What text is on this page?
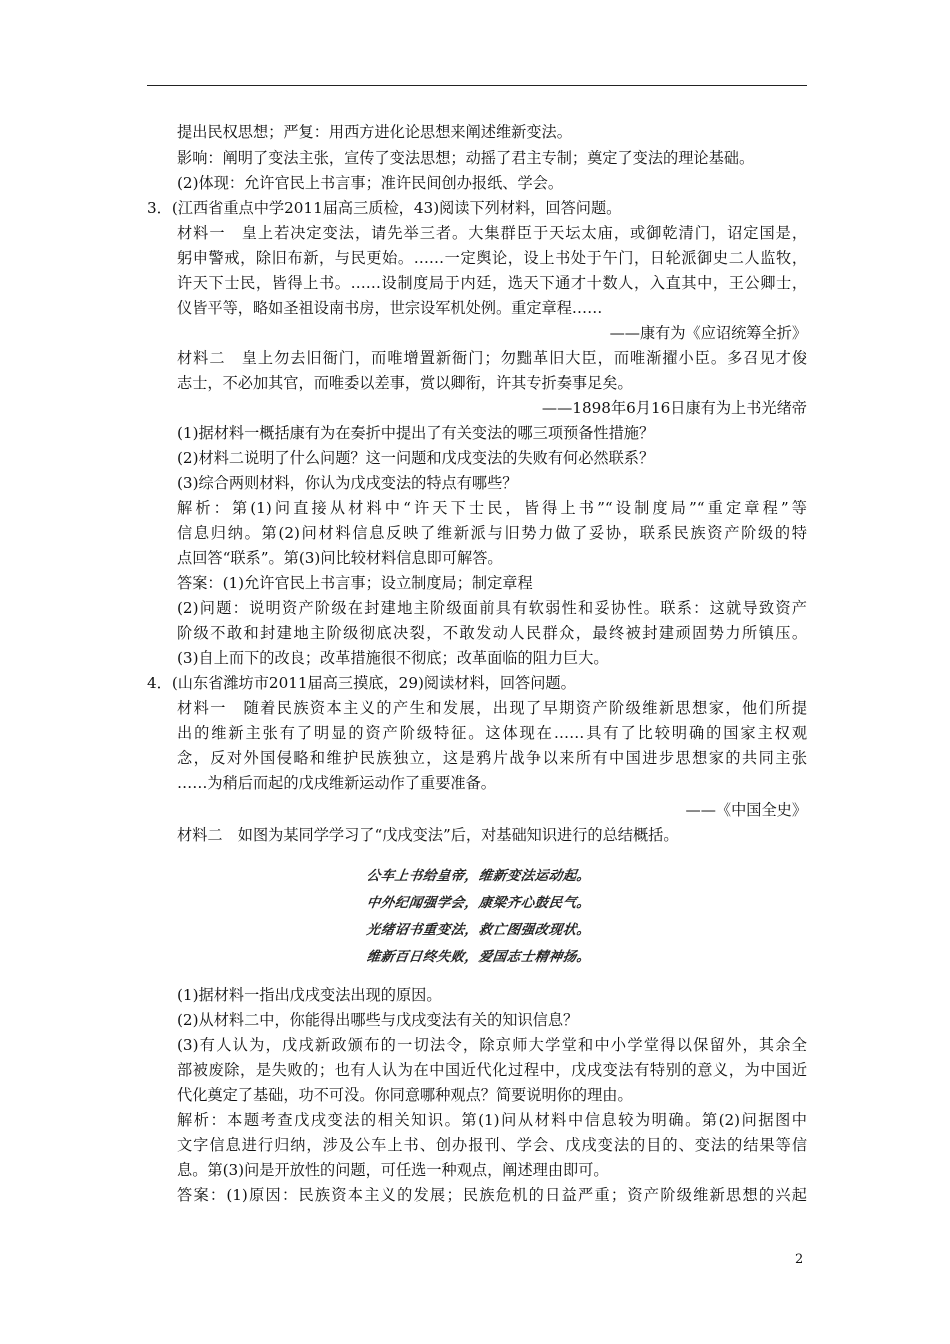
提出民权思想；严复：用西方进化论思想来阐述维新变法。
影响：阐明了变法主张，宣传了变法思想；动摇了君主专制；奠定了变法的理论基础。
(2)体现：允许官民上书言事；准许民间创办报纸、学会。
3．(江西省重点中学2011届高三质检，43)阅读下列材料，回答问题。
材料一　皇上若决定变法，请先举三者。大集群臣于天坛太庙，或御乾清门，诏定国是，
躬申警戒，除旧布新，与民更始。……一定舆论，设上书处于午门，日轮派御史二人监牧，
许天下士民，皆得上书。……设制度局于内廷，选天下通才十数人，入直其中，王公卿士，
仪皆平等，略如圣祖设南书房，世宗设军机处例。重定章程……
——康有为《应诏统筹全折》
材料二　皇上勿去旧衙门，而唯增置新衙门；勿黜革旧大臣，而唯渐擢小臣。多召见才俊
志士，不必加其官，而唯委以差事，赏以卿衔，许其专折奏事足矣。
——1898年6月16日康有为上书光绪帝
(1)据材料一概括康有为在奏折中提出了有关变法的哪三项预备性措施？
(2)材料二说明了什么问题？这一问题和戊戌变法的失败有何必然联系？
(3)综合两则材料，你认为戊戌变法的特点有哪些？
解析：第(1)问直接从材料中“许天下士民，皆得上书”“设制度局”“重定章程”等
信息归纳。第(2)问材料信息反映了维新派与旧势力做了妥协，联系民族资产阶级的特
点回答“联系”。第(3)问比较材料信息即可解答。
答案：(1)允许官民上书言事；设立制度局；制定章程
(2)问题：说明资产阶级在封建地主阶级面前具有软弱性和妥协性。联系：这就导致资产
阶级不敢和封建地主阶级彻底决裂，不敢发动人民群众，最终被封建顽固势力所镇压。
(3)自上而下的改良；改革措施很不彻底；改革面临的阻力巨大。
4．(山东省潍坊市2011届高三摸底，29)阅读材料，回答问题。
材料一　随着民族资本主义的产生和发展，出现了早期资产阶级维新思想家，他们所提
出的维新主张有了明显的资产阶级特征。这体现在……具有了比较明确的国家主权观
念，反对外国侵略和维护民族独立，这是鸦片战争以来所有中国进步思想家的共同主张
……为稍后而起的戊戌维新运动作了重要准备。
——《中国全史》
材料二　如图为某同学学习了“戊戌变法”后，对基础知识进行的总结概括。
公车上书给皇帝，维新变法运动起。
中外纪闻强学会，康梁齐心鼓民气。
光绪诏书重变法，救亡图强改现状。
维新百日终失败，爱国志士精神扬。
(1)据材料一指出戊戌变法出现的原因。
(2)从材料二中，你能得出哪些与戊戌变法有关的知识信息？
(3)有人认为，戊戌新政颁布的一切法令，除京师大学堂和中小学堂得以保留外，其余全
部被废除，是失败的；也有人认为在中国近代化过程中，戊戌变法有特别的意义，为中国近
代化奠定了基础，功不可没。你同意哪种观点？简要说明你的理由。
解析：本题考查戊戌变法的相关知识。第(1)问从材料中信息较为明确。第(2)问据图中
文字信息进行归纳，涉及公车上书、创办报刊、学会、戊戌变法的目的、变法的结果等信
息。第(3)问是开放性的问题，可任选一种观点，阐述理由即可。
答案：(1)原因：民族资本主义的发展；民族危机的日益严重；资产阶级维新思想的兴起
2
